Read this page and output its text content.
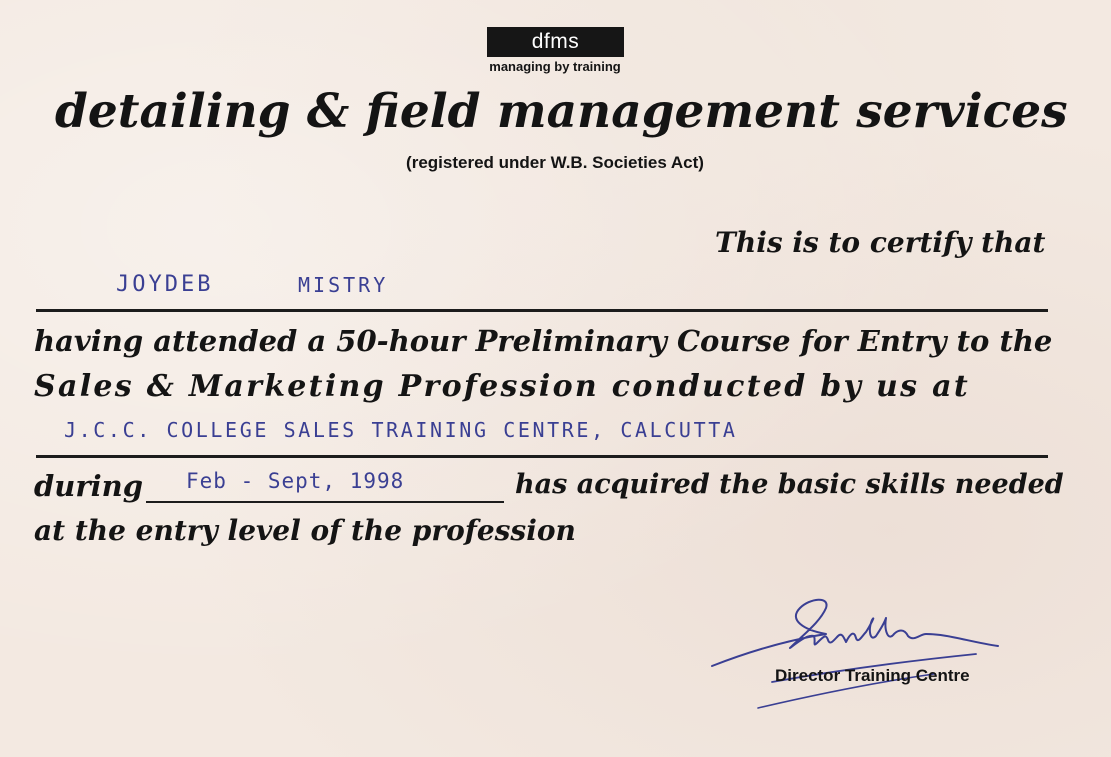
dfms
managing by training
detailing & field management services
(registered under W.B. Societies Act)
This is to certify that
JOYDEB	MISTRY
having attended a 50-hour Preliminary Course for Entry to the
Sales & Marketing Profession conducted by us at
J.C.C. COLLEGE SALES TRAINING CENTRE, CALCUTTA
during Feb - Sept, 1998	has acquired the basic skills needed
at the entry level of the profession
Director Training Centre
